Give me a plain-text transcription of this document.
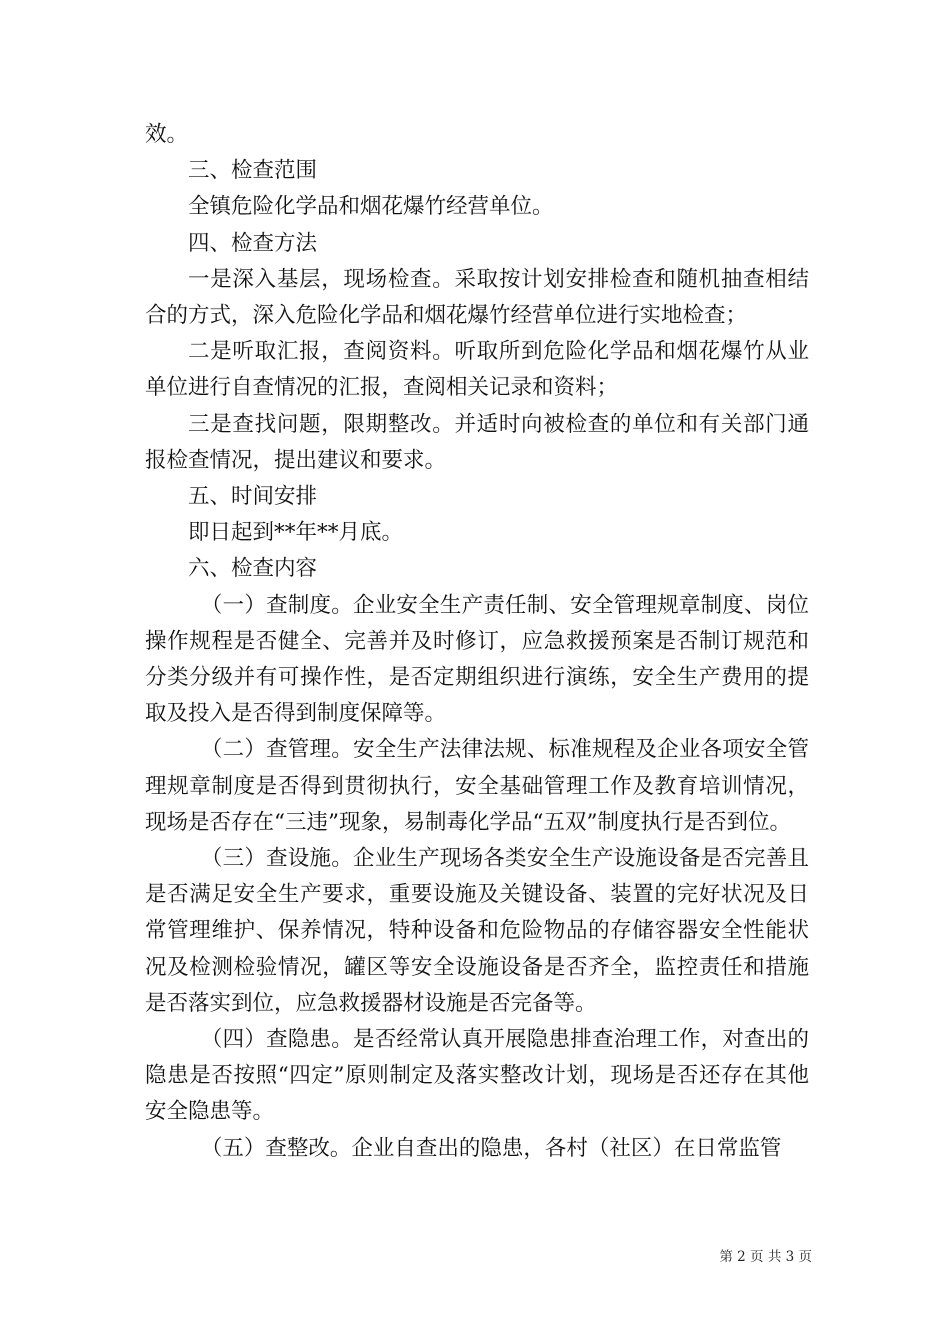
效。

三、检查范围

全镇危险化学品和烟花爆竹经营单位。

四、检查方法

一是深入基层，现场检查。采取按计划安排检查和随机抽查相结合的方式，深入危险化学品和烟花爆竹经营单位进行实地检查；

二是听取汇报，查阅资料。听取所到危险化学品和烟花爆竹从业单位进行自查情况的汇报，查阅相关记录和资料；

三是查找问题，限期整改。并适时向被检查的单位和有关部门通报检查情况，提出建议和要求。

五、时间安排

即日起到**年**月底。

六、检查内容

（一）查制度。企业安全生产责任制、安全管理规章制度、岗位操作规程是否健全、完善并及时修订，应急救援预案是否制订规范和分类分级并有可操作性，是否定期组织进行演练，安全生产费用的提取及投入是否得到制度保障等。

（二）查管理。安全生产法律法规、标准规程及企业各项安全管理规章制度是否得到贯彻执行，安全基础管理工作及教育培训情况，现场是否存在“三违”现象，易制毒化学品“五双”制度执行是否到位。

（三）查设施。企业生产现场各类安全生产设施设备是否完善且是否满足安全生产要求，重要设施及关键设备、装置的完好状况及日常管理维护、保养情况，特种设备和危险物品的存储容器安全性能状况及检测检验情况，罐区等安全设施设备是否齐全，监控责任和措施是否落实到位，应急救援器材设施是否完备等。

（四）查隐患。是否经常认真开展隐患排查治理工作，对查出的隐患是否按照“四定”原则制定及落实整改计划，现场是否还存在其他安全隐患等。

（五）查整改。企业自查出的隐患，各村（社区）在日常监管

第 2 页 共 3 页
